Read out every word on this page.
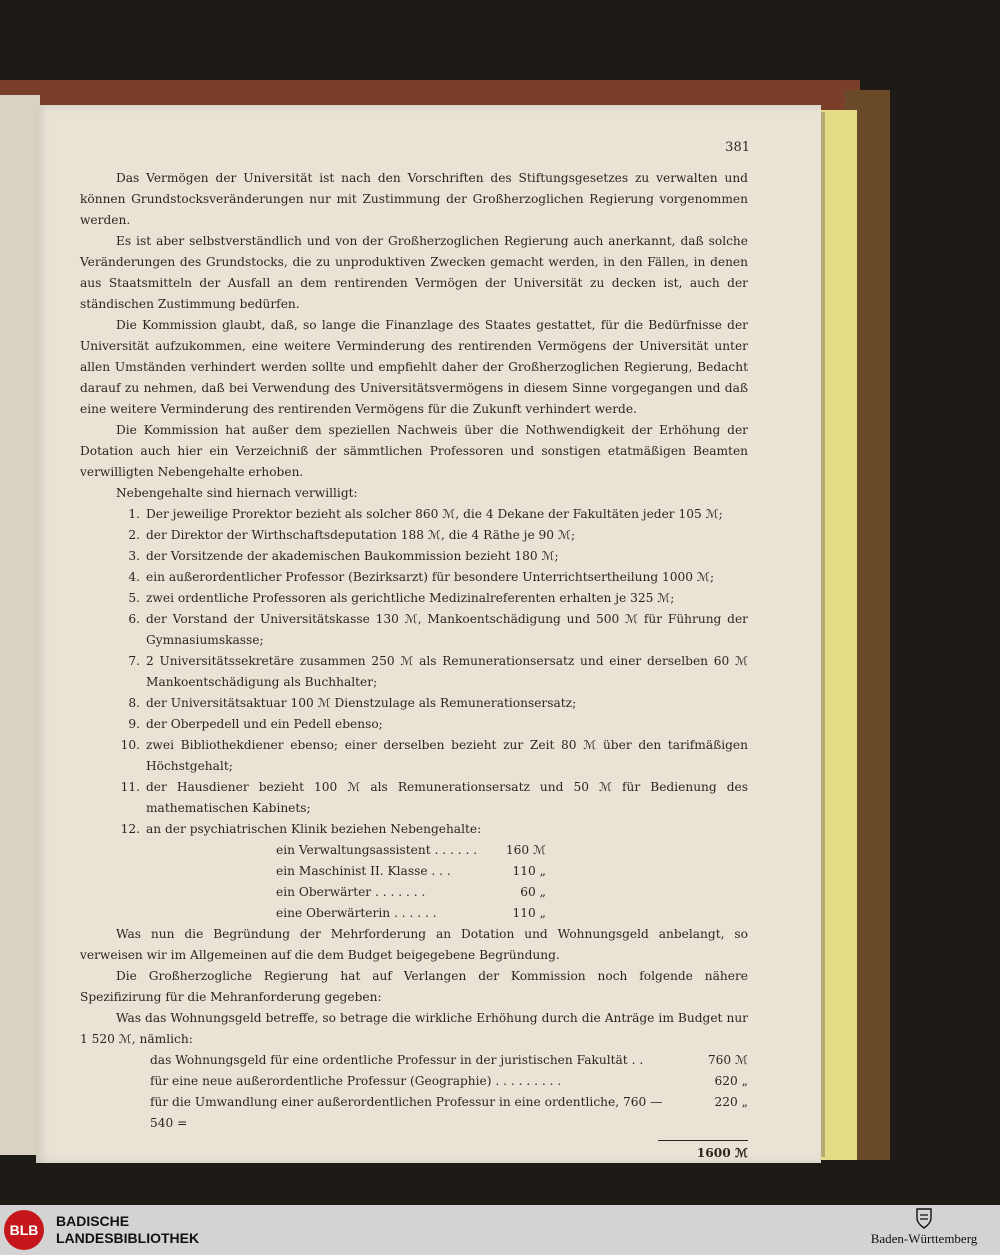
381

Das Vermögen der Universität ist nach den Vorschriften des Stiftungsgesetzes zu verwalten und können Grundstocksveränderungen nur mit Zustimmung der Großherzoglichen Regierung vorgenommen werden.

Es ist aber selbstverständlich und von der Großherzoglichen Regierung auch anerkannt, daß solche Veränderungen des Grundstocks, die zu unproduktiven Zwecken gemacht werden, in den Fällen, in denen aus Staatsmitteln der Ausfall an dem rentirenden Vermögen der Universität zu decken ist, auch der ständischen Zustimmung bedürfen.

Die Kommission glaubt, daß, so lange die Finanzlage des Staates gestattet, für die Bedürfnisse der Universität aufzukommen, eine weitere Verminderung des rentirenden Vermögens der Universität unter allen Umständen verhindert werden sollte und empfiehlt daher der Großherzoglichen Regierung, Bedacht darauf zu nehmen, daß bei Verwendung des Universitätsvermögens in diesem Sinne vorgegangen und daß eine weitere Verminderung des rentirenden Vermögens für die Zukunft verhindert werde.

Die Kommission hat außer dem speziellen Nachweis über die Nothwendigkeit der Erhöhung der Dotation auch hier ein Verzeichniß der sämmtlichen Professoren und sonstigen etatmäßigen Beamten verwilligten Nebengehalte erhoben.

Nebengehalte sind hiernach verwilligt:

1. Der jeweilige Prorektor bezieht als solcher 860 ℳ, die 4 Dekane der Fakultäten jeder 105 ℳ;
2. der Direktor der Wirthschaftsdeputation 188 ℳ, die 4 Räthe je 90 ℳ;
3. der Vorsitzende der akademischen Baukommission bezieht 180 ℳ;
4. ein außerordentlicher Professor (Bezirksarzt) für besondere Unterrichtsertheilung 1000 ℳ;
5. zwei ordentliche Professoren als gerichtliche Medizinalreferenten erhalten je 325 ℳ;
6. der Vorstand der Universitätskasse 130 ℳ, Mankoentschädigung und 500 ℳ für Führung der Gymnasiumskasse;
7. 2 Universitätssekretäre zusammen 250 ℳ als Remunerationsersatz und einer derselben 60 ℳ Mankoentschädigung als Buchhalter;
8. der Universitätsaktuar 100 ℳ Dienstzulage als Remunerationsersatz;
9. der Oberpedell und ein Pedell ebenso;
10. zwei Bibliothekdiener ebenso; einer derselben bezieht zur Zeit 80 ℳ über den tarifmäßigen Höchstgehalt;
11. der Hausdiener bezieht 100 ℳ als Remunerationsersatz und 50 ℳ für Bedienung des mathematischen Kabinets;
12. an der psychiatrischen Klinik beziehen Nebengehalte:
ein Verwaltungsassistent . . . . . . 160 ℳ
ein Maschinist II. Klasse . . .	110 „
ein Oberwärter . . . . . . .	60 „
eine Oberwärterin . . . . . .	110 „

Was nun die Begründung der Mehrforderung an Dotation und Wohnungsgeld anbelangt, so verweisen wir im Allgemeinen auf die dem Budget beigegebene Begründung.

Die Großherzogliche Regierung hat auf Verlangen der Kommission noch folgende nähere Spezifizirung für die Mehranforderung gegeben:

Was das Wohnungsgeld betreffe, so betrage die wirkliche Erhöhung durch die Anträge im Budget nur 1 520 ℳ, nämlich:

das Wohnungsgeld für eine ordentliche Professur in der juristischen Fakultät . .	760 ℳ
für eine neue außerordentliche Professur (Geographie) . . . . . . . . .	620 „
für die Umwandlung einer außerordentlichen Professur in eine ordentliche, 760 — 540 =
220 „
1600 ℳ
BLB
BADISCHE
LANDESBIBLIOTHEK	Baden-Württemberg
